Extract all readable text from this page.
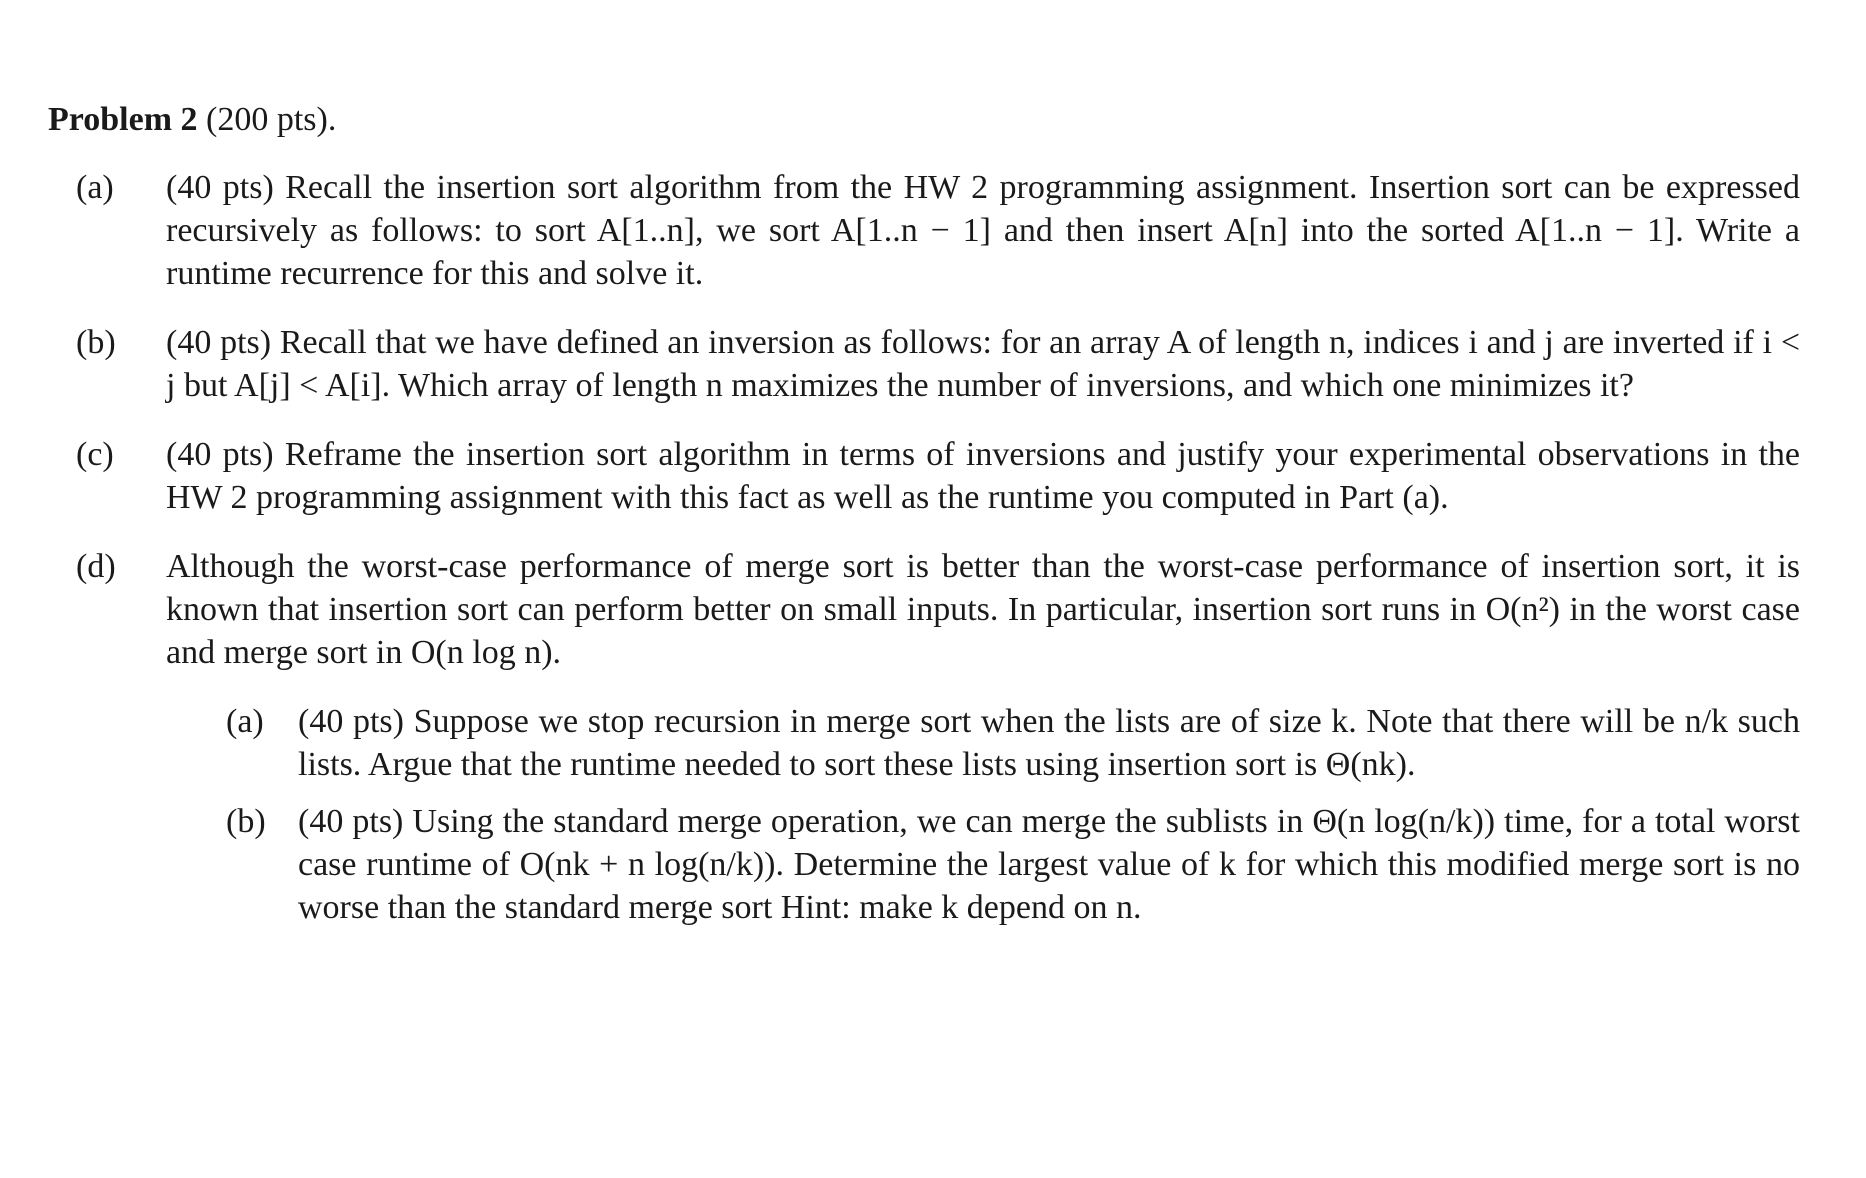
Problem 2 (200 pts).
(a) (40 pts) Recall the insertion sort algorithm from the HW 2 programming assignment. Insertion sort can be expressed recursively as follows: to sort A[1..n], we sort A[1..n − 1] and then insert A[n] into the sorted A[1..n − 1]. Write a runtime recurrence for this and solve it.
(b) (40 pts) Recall that we have defined an inversion as follows: for an array A of length n, indices i and j are inverted if i < j but A[j] < A[i]. Which array of length n maximizes the number of inversions, and which one minimizes it?
(c) (40 pts) Reframe the insertion sort algorithm in terms of inversions and justify your experimental observations in the HW 2 programming assignment with this fact as well as the runtime you computed in Part (a).
(d) Although the worst-case performance of merge sort is better than the worst-case performance of insertion sort, it is known that insertion sort can perform better on small inputs. In particular, insertion sort runs in O(n²) in the worst case and merge sort in O(n log n).
(a) (40 pts) Suppose we stop recursion in merge sort when the lists are of size k. Note that there will be n/k such lists. Argue that the runtime needed to sort these lists using insertion sort is Θ(nk).
(b) (40 pts) Using the standard merge operation, we can merge the sublists in Θ(n log(n/k)) time, for a total worst case runtime of O(nk + n log(n/k)). Determine the largest value of k for which this modified merge sort is no worse than the standard merge sort Hint: make k depend on n.
